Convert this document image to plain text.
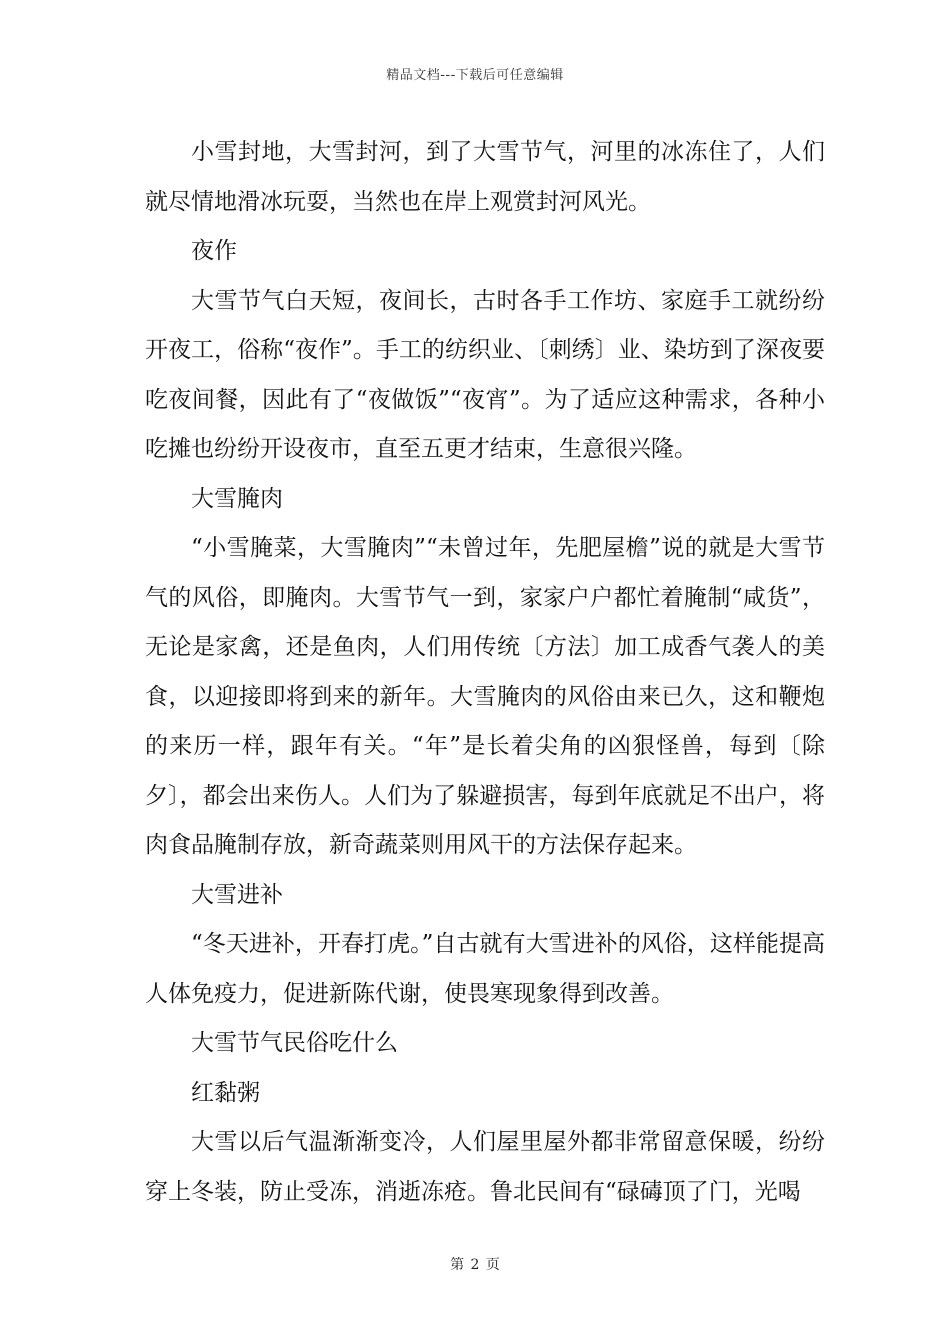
精品文档---下载后可任意编辑

小雪封地，大雪封河，到了大雪节气，河里的冰冻住了，人们就尽情地滑冰玩耍，当然也在岸上观赏封河风光。

夜作

大雪节气白天短，夜间长，古时各手工作坊、家庭手工就纷纷开夜工，俗称“夜作”。手工的纺织业、〔刺绣〕业、染坊到了深夜要吃夜间餐，因此有了“夜做饭”“夜宵”。为了适应这种需求，各种小吃摊也纷纷开设夜市，直至五更才结束，生意很兴隆。

大雪腌肉

“小雪腌菜，大雪腌肉”“未曾过年，先肥屋檐”说的就是大雪节气的风俗，即腌肉。大雪节气一到，家家户户都忙着腌制“咸货”，无论是家禽，还是鱼肉，人们用传统〔方法〕加工成香气袭人的美食，以迎接即将到来的新年。大雪腌肉的风俗由来已久，这和鞭炮的来历一样，跟年有关。“年”是长着尖角的凶狠怪兽，每到〔除夕〕，都会出来伤人。人们为了躲避损害，每到年底就足不出户，将肉食品腌制存放，新奇蔬菜则用风干的方法保存起来。

大雪进补

“冬天进补，开春打虎。”自古就有大雪进补的风俗，这样能提高人体免疫力，促进新陈代谢，使畏寒现象得到改善。

大雪节气民俗吃什么

红黏粥

大雪以后气温渐渐变冷，人们屋里屋外都非常留意保暖，纷纷穿上冬装，防止受冻，消逝冻疮。鲁北民间有“碌碡顶了门，光喝

第 2 页
